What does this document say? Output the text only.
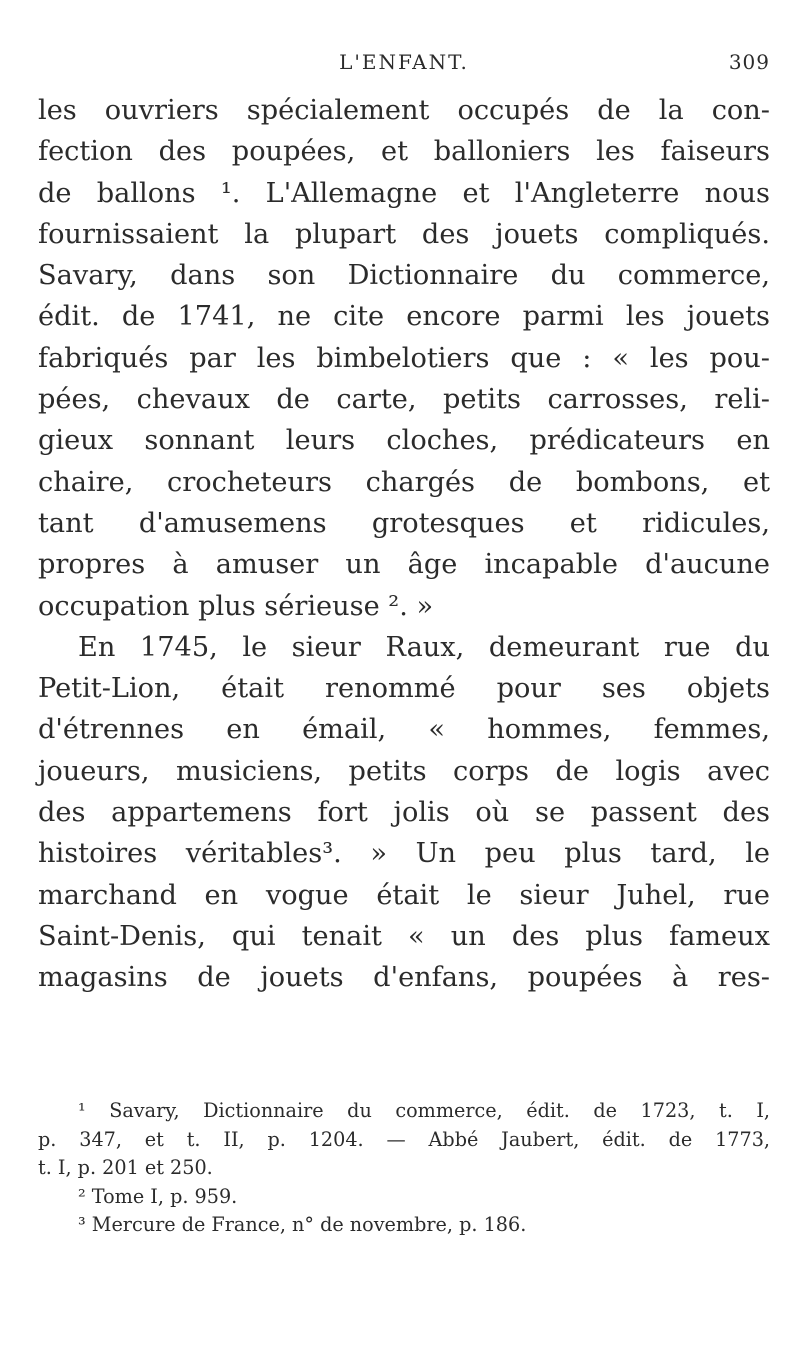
L'ENFANT.	309
les ouvriers spécialement occupés de la con-
fection des poupées, et balloniers les faiseurs
de ballons ¹. L'Allemagne et l'Angleterre nous
fournissaient la plupart des jouets compliqués.
Savary, dans son Dictionnaire du commerce,
édit. de 1741, ne cite encore parmi les jouets
fabriqués par les bimbelotiers que : « les pou-
pées, chevaux de carte, petits carrosses, reli-
gieux sonnant leurs cloches, prédicateurs en
chaire, crocheteurs chargés de bombons, et
tant d'amusemens grotesques et ridicules,
propres à amuser un âge incapable d'aucune
occupation plus sérieuse ². »
En 1745, le sieur Raux, demeurant rue du
Petit-Lion, était renommé pour ses objets
d'étrennes en émail, « hommes, femmes,
joueurs, musiciens, petits corps de logis avec
des appartemens fort jolis où se passent des
histoires véritables³. » Un peu plus tard, le
marchand en vogue était le sieur Juhel, rue
Saint-Denis, qui tenait « un des plus fameux
magasins de jouets d'enfans, poupées à res-
¹ Savary, Dictionnaire du commerce, édit. de 1723, t. I,
p. 347, et t. II, p. 1204. — Abbé Jaubert, édit. de 1773,
t. I, p. 201 et 250.
² Tome I, p. 959.
³ Mercure de France, n° de novembre, p. 186.
